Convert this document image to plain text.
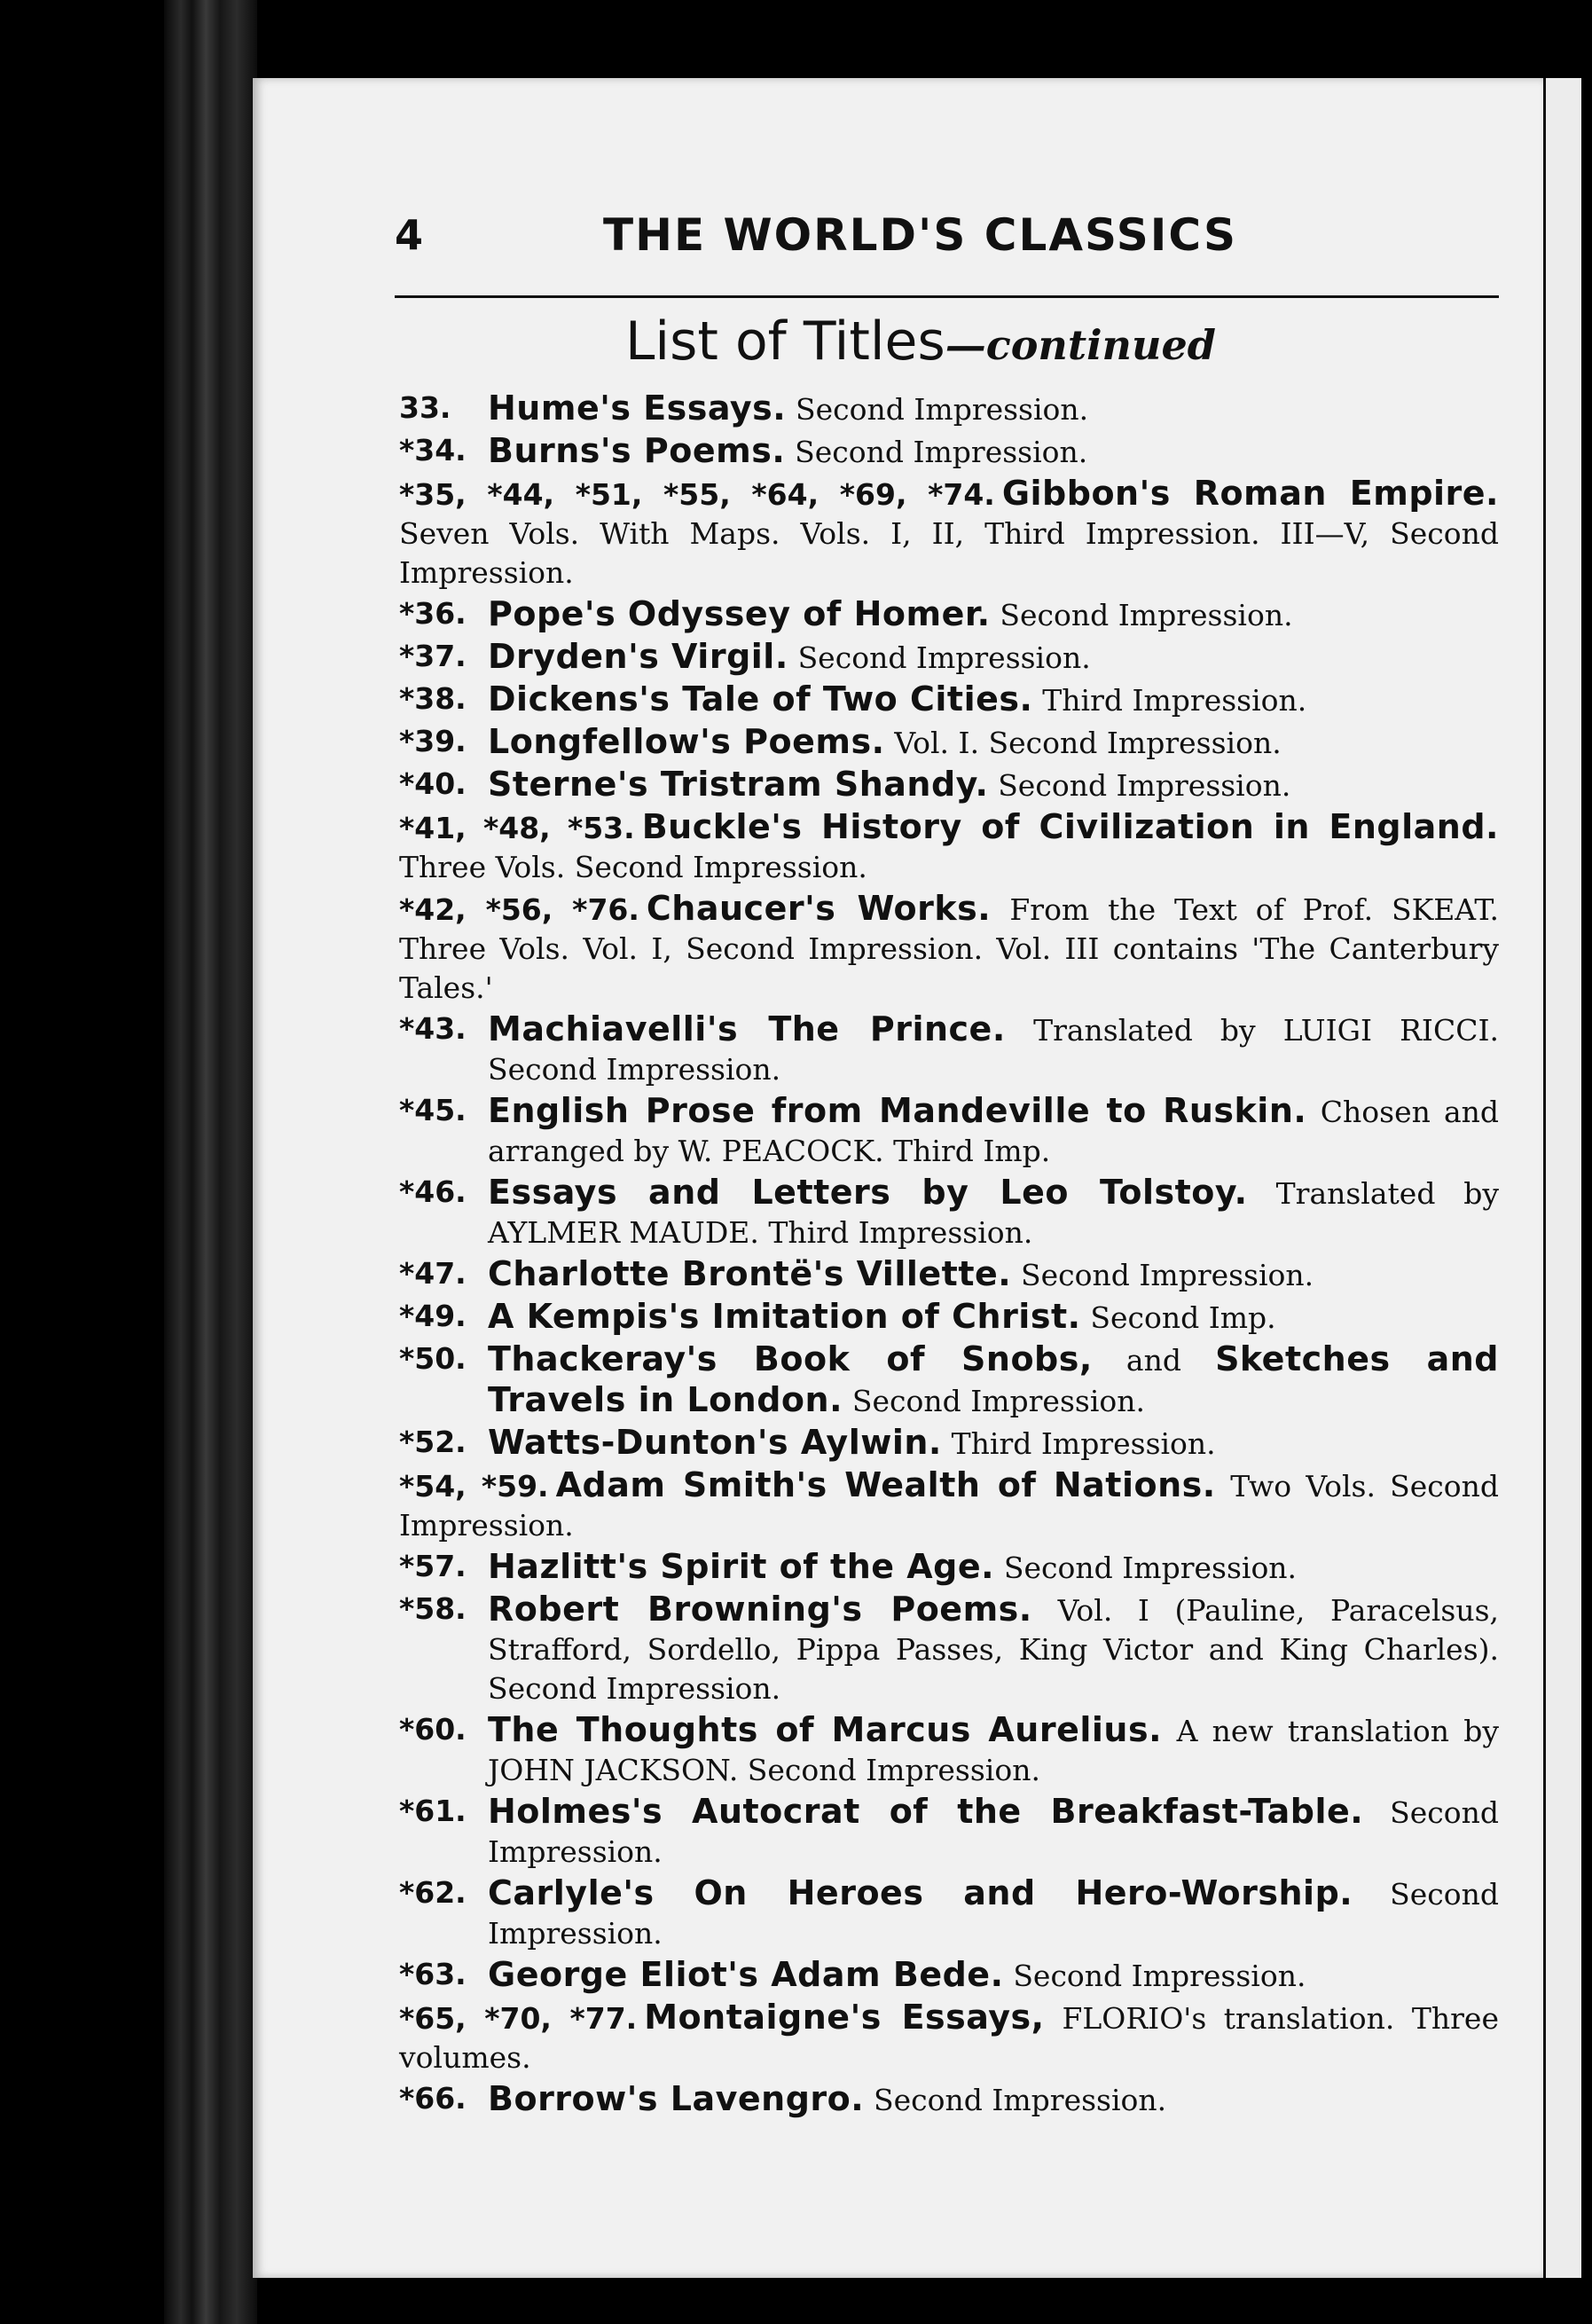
4	THE WORLD'S CLASSICS
List of Titles—continued
33. Hume's Essays. Second Impression.
*34. Burns's Poems. Second Impression.
*35, *44, *51, *55, *64, *69, *74. Gibbon's Roman Empire. Seven Vols. With Maps. Vols. I, II, Third Impression. III—V, Second Impression.
*36. Pope's Odyssey of Homer. Second Impression.
*37. Dryden's Virgil. Second Impression.
*38. Dickens's Tale of Two Cities. Third Impression.
*39. Longfellow's Poems. Vol. I. Second Impression.
*40. Sterne's Tristram Shandy. Second Impression.
*41, *48, *53. Buckle's History of Civilization in England. Three Vols. Second Impression.
*42, *56, *76. Chaucer's Works. From the Text of Prof. SKEAT. Three Vols. Vol. I, Second Impression. Vol. III contains 'The Canterbury Tales.'
*43. Machiavelli's The Prince. Translated by LUIGI RICCI. Second Impression.
*45. English Prose from Mandeville to Ruskin. Chosen and arranged by W. PEACOCK. Third Imp.
*46. Essays and Letters by Leo Tolstoy. Translated by AYLMER MAUDE. Third Impression.
*47. Charlotte Brontë's Villette. Second Impression.
*49. A Kempis's Imitation of Christ. Second Imp.
*50. Thackeray's Book of Snobs, and Sketches and Travels in London. Second Impression.
*52. Watts-Dunton's Aylwin. Third Impression.
*54, *59. Adam Smith's Wealth of Nations. Two Vols. Second Impression.
*57. Hazlitt's Spirit of the Age. Second Impression.
*58. Robert Browning's Poems. Vol. I (Pauline, Paracelsus, Strafford, Sordello, Pippa Passes, King Victor and King Charles). Second Impression.
*60. The Thoughts of Marcus Aurelius. A new translation by JOHN JACKSON. Second Impression.
*61. Holmes's Autocrat of the Breakfast-Table. Second Impression.
*62. Carlyle's On Heroes and Hero-Worship. Second Impression.
*63. George Eliot's Adam Bede. Second Impression.
*65, *70, *77. Montaigne's Essays, FLORIO's translation. Three volumes.
*66. Borrow's Lavengro. Second Impression.
